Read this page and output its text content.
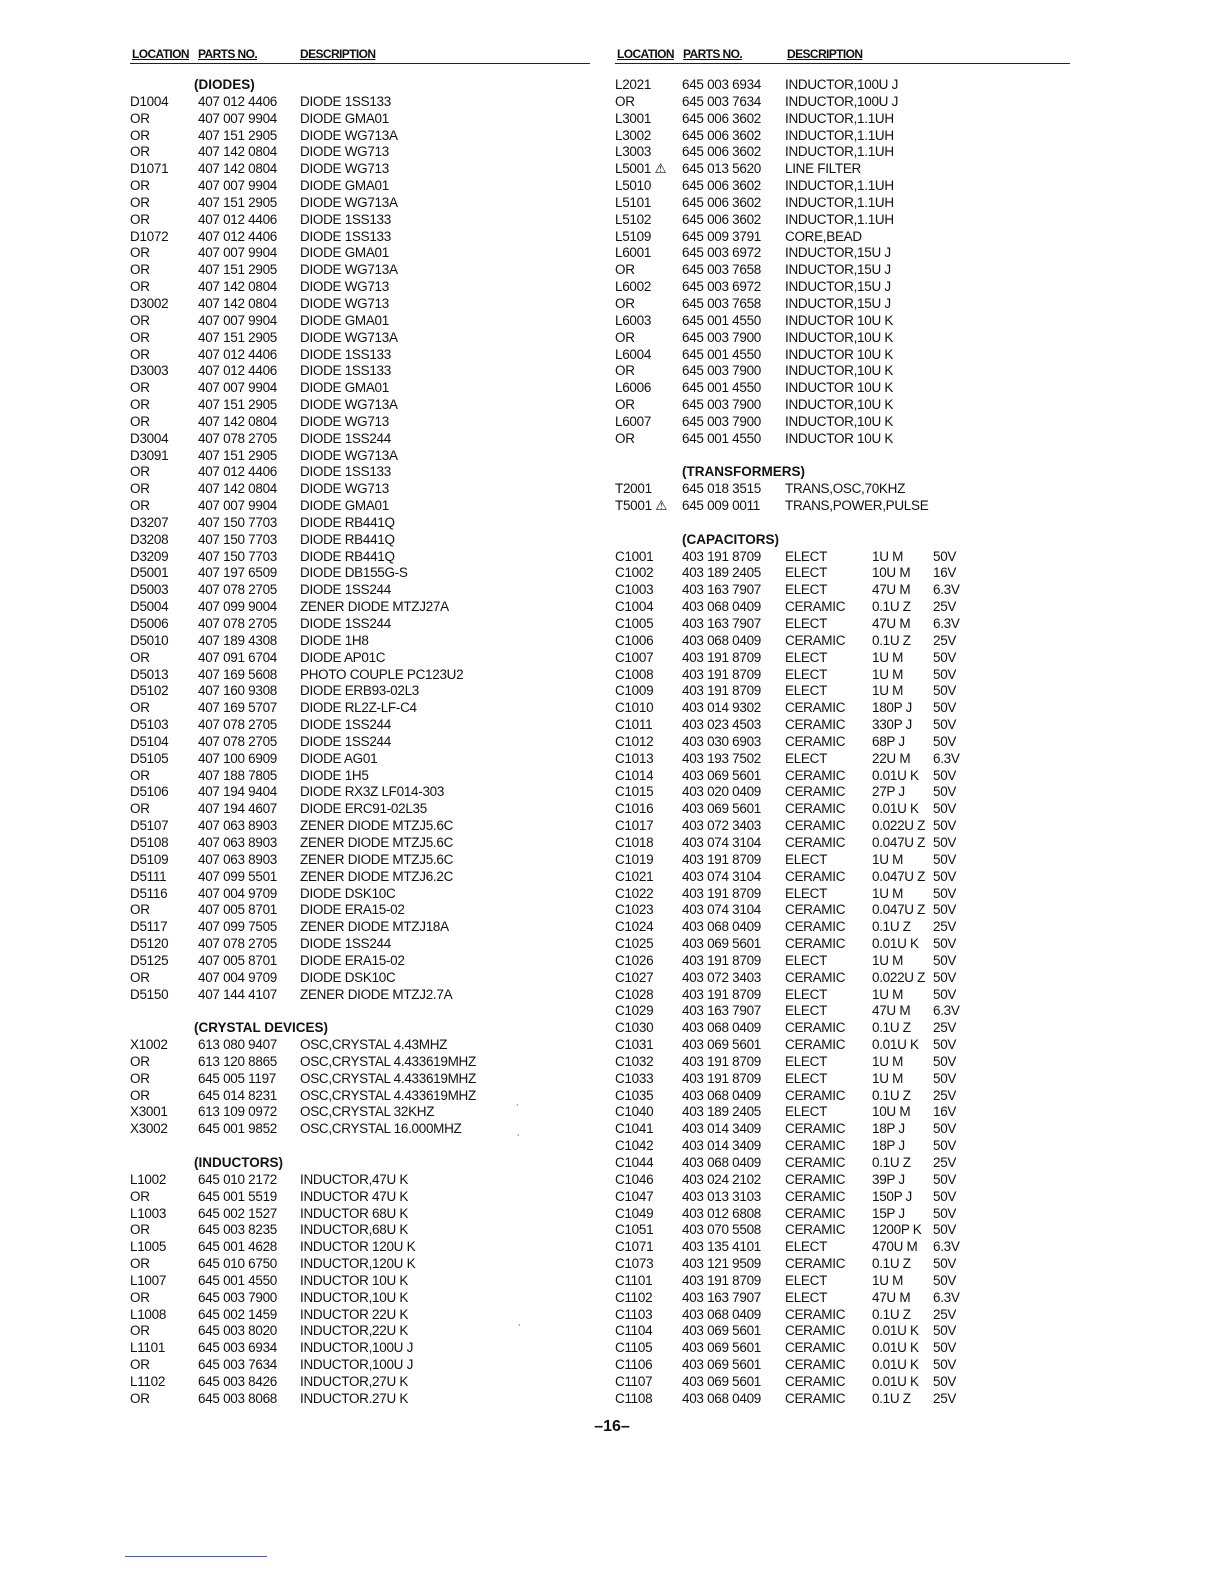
LOCATION PARTS NO.	DESCRIPTION
(DIODES)
D1004 407 012 4406 DIODE 1SS133
OR	407 007 9904 DIODE GMA01
OR	407 151 2905 DIODE WG713A
OR	407 142 0804 DIODE WG713
D1071 407 142 0804 DIODE WG713
OR	407 007 9904 DIODE GMA01
OR	407 151 2905 DIODE WG713A
OR	407 012 4406 DIODE 1SS133
D1072 407 012 4406 DIODE 1SS133
OR	407 007 9904 DIODE GMA01
OR	407 151 2905 DIODE WG713A
OR	407 142 0804 DIODE WG713
D3002 407 142 0804 DIODE WG713
OR	407 007 9904 DIODE GMA01
OR	407 151 2905 DIODE WG713A
OR	407 012 4406 DIODE 1SS133
D3003 407 012 4406 DIODE 1SS133
OR	407 007 9904 DIODE GMA01
OR	407 151 2905 DIODE WG713A
OR	407 142 0804 DIODE WG713
D3004 407 078 2705 DIODE 1SS244
D3091 407 151 2905 DIODE WG713A
OR	407 012 4406 DIODE 1SS133
OR	407 142 0804 DIODE WG713
OR	407 007 9904 DIODE GMA01
D3207 407 150 7703 DIODE RB441Q
D3208 407 150 7703 DIODE RB441Q
D3209 407 150 7703 DIODE RB441Q
D5001 407 197 6509 DIODE DB155G-S
D5003 407 078 2705 DIODE 1SS244
D5004 407 099 9004 ZENER DIODE MTZJ27A
D5006 407 078 2705 DIODE 1SS244
D5010 407 189 4308 DIODE 1H8
OR	407 091 6704 DIODE AP01C
D5013 407 169 5608 PHOTO COUPLE PC123U2
D5102 407 160 9308 DIODE ERB93-02L3
OR	407 169 5707 DIODE RL2Z-LF-C4
D5103 407 078 2705 DIODE 1SS244
D5104 407 078 2705 DIODE 1SS244
D5105 407 100 6909 DIODE AG01
OR	407 188 7805 DIODE 1H5
D5106 407 194 9404 DIODE RX3Z LF014-303
OR	407 194 4607 DIODE ERC91-02L35
D5107 407 063 8903 ZENER DIODE MTZJ5.6C
D5108 407 063 8903 ZENER DIODE MTZJ5.6C
D5109 407 063 8903 ZENER DIODE MTZJ5.6C
D5111 407 099 5501 ZENER DIODE MTZJ6.2C
D5116 407 004 9709 DIODE DSK10C
OR	407 005 8701 DIODE ERA15-02
D5117 407 099 7505 ZENER DIODE MTZJ18A
D5120 407 078 2705 DIODE 1SS244
D5125 407 005 8701 DIODE ERA15-02
OR	407 004 9709 DIODE DSK10C
D5150 407 144 4107 ZENER DIODE MTZJ2.7A
(CRYSTAL DEVICES)
X1002 613 080 9407 OSC,CRYSTAL 4.43MHZ
OR	613 120 8865 OSC,CRYSTAL 4.433619MHZ
OR	645 005 1197 OSC,CRYSTAL 4.433619MHZ
OR	645 014 8231 OSC,CRYSTAL 4.433619MHZ
X3001 613 109 0972 OSC,CRYSTAL 32KHZ
X3002 645 001 9852 OSC,CRYSTAL 16.000MHZ
(INDUCTORS)
L1002 645 010 2172 INDUCTOR,47U K
OR	645 001 5519 INDUCTOR 47U K
L1003 645 002 1527 INDUCTOR 68U K
OR	645 003 8235 INDUCTOR,68U K
L1005 645 001 4628 INDUCTOR 120U K
OR	645 010 6750 INDUCTOR,120U K
L1007 645 001 4550 INDUCTOR 10U K
OR	645 003 7900 INDUCTOR,10U K
L1008 645 002 1459 INDUCTOR 22U K
OR	645 003 8020 INDUCTOR,22U K
L1101 645 003 6934 INDUCTOR,100U J
OR	645 003 7634 INDUCTOR,100U J
L1102 645 003 8426 INDUCTOR,27U K
OR	645 003 8068 INDUCTOR.27U K
LOCATION PARTS NO.	DESCRIPTION
L2021 645 003 6934 INDUCTOR,100U J
OR	645 003 7634 INDUCTOR,100U J
L3001 645 006 3602 INDUCTOR,1.1UH
L3002 645 006 3602 INDUCTOR,1.1UH
L3003 645 006 3602 INDUCTOR,1.1UH
L5001 ⚠ 645 013 5620 LINE FILTER
L5010 645 006 3602 INDUCTOR,1.1UH
L5101 645 006 3602 INDUCTOR,1.1UH
L5102 645 006 3602 INDUCTOR,1.1UH
L5109 645 009 3791 CORE,BEAD
L6001 645 003 6972 INDUCTOR,15U J
OR	645 003 7658 INDUCTOR,15U J
L6002 645 003 6972 INDUCTOR,15U J
OR	645 003 7658 INDUCTOR,15U J
L6003 645 001 4550 INDUCTOR 10U K
OR	645 003 7900 INDUCTOR,10U K
L6004 645 001 4550 INDUCTOR 10U K
OR	645 003 7900 INDUCTOR,10U K
L6006 645 001 4550 INDUCTOR 10U K
OR	645 003 7900 INDUCTOR,10U K
L6007 645 003 7900 INDUCTOR,10U K
OR	645 001 4550 INDUCTOR 10U K
(TRANSFORMERS)
T2001 645 018 3515 TRANS,OSC,70KHZ
T5001 ⚠ 645 009 0011 TRANS,POWER,PULSE
(CAPACITORS)
C1001 403 191 8709 ELECT	1U M 50V
C1002 403 189 2405 ELECT	10U M 16V
C1003 403 163 7907 ELECT	47U M 6.3V
C1004 403 068 0409 CERAMIC 0.1U Z 25V
C1005 403 163 7907 ELECT	47U M 6.3V
C1006 403 068 0409 CERAMIC 0.1U Z 25V
C1007 403 191 8709 ELECT	1U M 50V
C1008 403 191 8709 ELECT	1U M 50V
C1009 403 191 8709 ELECT	1U M 50V
C1010 403 014 9302 CERAMIC 180P J 50V
C1011 403 023 4503 CERAMIC 330P J 50V
C1012 403 030 6903 CERAMIC 68P J 50V
C1013 403 193 7502 ELECT	22U M 6.3V
C1014 403 069 5601 CERAMIC 0.01U K 50V
C1015 403 020 0409 CERAMIC 27P J 50V
C1016 403 069 5601 CERAMIC 0.01U K 50V
C1017 403 072 3403 CERAMIC 0.022U Z 50V
C1018 403 074 3104 CERAMIC 0.047U Z 50V
C1019 403 191 8709 ELECT	1U M 50V
C1021 403 074 3104 CERAMIC 0.047U Z 50V
C1022 403 191 8709 ELECT	1U M 50V
C1023 403 074 3104 CERAMIC 0.047U Z 50V
C1024 403 068 0409 CERAMIC 0.1U Z 25V
C1025 403 069 5601 CERAMIC 0.01U K 50V
C1026 403 191 8709 ELECT	1U M 50V
C1027 403 072 3403 CERAMIC 0.022U Z 50V
C1028 403 191 8709 ELECT	1U M 50V
C1029 403 163 7907 ELECT	47U M 6.3V
C1030 403 068 0409 CERAMIC 0.1U Z 25V
C1031 403 069 5601 CERAMIC 0.01U K 50V
C1032 403 191 8709 ELECT	1U M 50V
C1033 403 191 8709 ELECT	1U M 50V
C1035 403 068 0409 CERAMIC 0.1U Z 25V
C1040 403 189 2405 ELECT	10U M 16V
C1041 403 014 3409 CERAMIC 18P J 50V
C1042 403 014 3409 CERAMIC 18P J 50V
C1044 403 068 0409 CERAMIC 0.1U Z 25V
C1046 403 024 2102 CERAMIC 39P J 50V
C1047 403 013 3103 CERAMIC 150P J 50V
C1049 403 012 6808 CERAMIC 15P J 50V
C1051 403 070 5508 CERAMIC 1200P K 50V
C1071 403 135 4101 ELECT	470U M 6.3V
C1073 403 121 9509 CERAMIC 0.1U Z 50V
C1101 403 191 8709 ELECT	1U M 50V
C1102 403 163 7907 ELECT	47U M 6.3V
C1103 403 068 0409 CERAMIC 0.1U Z 25V
C1104 403 069 5601 CERAMIC 0.01U K 50V
C1105 403 069 5601 CERAMIC 0.01U K 50V
C1106 403 069 5601 CERAMIC 0.01U K 50V
C1107 403 069 5601 CERAMIC 0.01U K 50V
C1108 403 068 0409 CERAMIC 0.1U Z 25V
–16–
⸱
⸱
⸱
